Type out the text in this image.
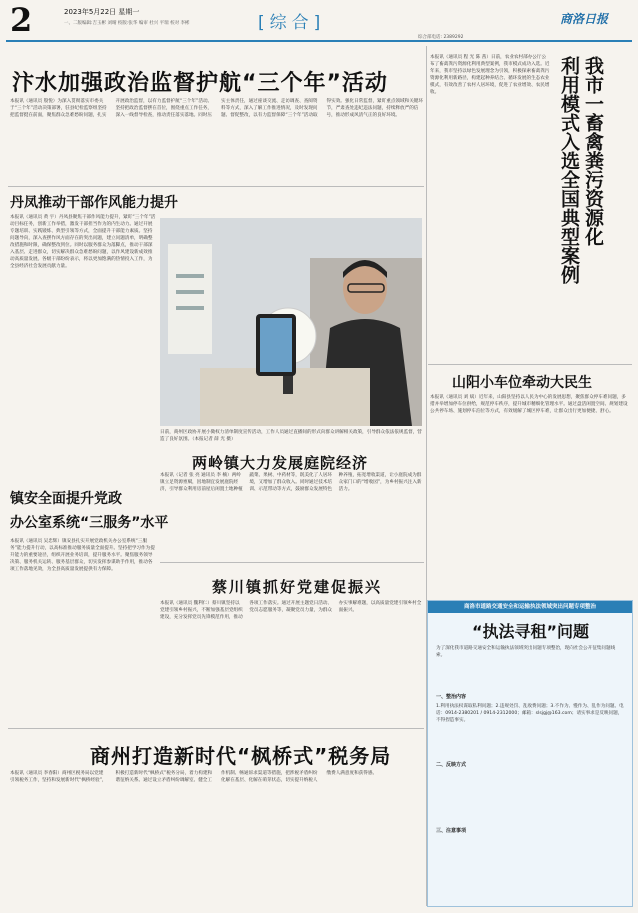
2	2023年5月22日 星期一
一、二版编辑:吉玉彬 刘晴 校版:张华 编审 杜兴 平瑞 校对 李彬	[综合]	商洛日报
综合部电话: 2389292
汴水加强政治监督护航“三个年”活动
本报讯（通讯员 殷悦）为深入贯彻落实市委关于“三个年”活动决策部署，驻县纪检监察组坚持把监督挺在前面，聚焦群众急难愁盼问题，扎实开展政治监督，以有力监督护航“三个年”活动。坚持把政治监督摆在首位，围绕重点工作任务，深入一线督导检查，推动责任落实落地。同时压实主体责任，通过座谈交流、走访调查、查阅资料等方式，深入了解工作推进情况，及时发现问题、督促整改，以有力监督保障“三个年”活动取得实效。强化日常监督，紧盯重点领域和关键环节，严肃查处违纪违法问题，持续释放严的信号，推动形成风清气正的良好环境。
丹凤推动干部作风能力提升
本报讯（通讯员 黄 宇）丹凤县聚焦干部作风能力提升，紧盯“三个年”活动目标任务，创新工作举措，激发干部担当作为的内生动力。通过开展专题培训、实践锻炼、典型引领等方式，全面提升干部能力素质。坚持问题导向，深入查摆作风方面存在的突出问题，建立问题清单，明确整改措施和时限，确保整改到位。同时以服务群众为落脚点，推动干部深入基层、走进群众，切实解决群众急难愁盼问题，以作风建设新成效推动高质量发展。各级干部纷纷表示，将以更加饱满的热情投入工作，为全县经济社会发展贡献力量。
日前，商州区政协开展小微权力清单制度宣传活动，工作人员通过直播间的形式向群众讲解相关政策，引导群众依法依规监督，营造了良好氛围。（本报记者 薛 光 摄）
两岭镇大力发展庭院经济
本报讯（记者 张 亮 通讯员 李 楠）两岭镇立足资源禀赋，因地制宜发展庭院经济，引导群众利用房前屋后闲置土地种植蔬菜、果树、中药材等，既美化了人居环境，又增加了群众收入。同时通过技术培训、示范带动等方式，鼓励群众发展特色种养殖，拓宽增收渠道，让小庭院成为群众家门口的“增收园”，为乡村振兴注入新活力。
镇安全面提升党政
办公室系统“三服务”水平
本报讯（通讯员 吴忠辉）镇安县扎实开展党政机关办公室系统“三服务”能力提升行动，以高标准推动服务质量全面提升。坚持把学习作为提升能力的重要途径，组织开展业务培训，提升服务水平。聚焦服务领导决策、服务机关运转、服务基层群众，切实发挥参谋助手作用，推动各项工作落地见效，为全县高质量发展提供有力保障。
蔡川镇抓好党建促振兴
本报讯（通讯员 魏利仁）蔡川镇坚持以党建引领乡村振兴，不断加强基层党组织建设，充分发挥党员先锋模范作用，推动各项工作落实。通过开展主题党日活动、党员志愿服务等，凝聚党员力量，为群众办实事解难题，以高质量党建引领乡村全面振兴。
商州打造新时代“枫桥式”税务局
本报讯（通讯员 李春阳）商州区税务局以党建引领税务工作，坚持和发展新时代“枫桥经验”，积极打造新时代“枫桥式”税务分局，着力构建和谐征纳关系。通过设立矛盾纠纷调解室、健全工作机制、畅通诉求渠道等措施，把涉税矛盾纠纷化解在基层、化解在萌芽状态，切实提升纳税人缴费人满意度和获得感。
我市一畜禽粪污资源化
利用模式入选全国典型案例
本报讯（通讯员 程 光 陈 茜）日前，农业农村部办公厅公布了畜禽粪污资源化利用典型案例，我市模式成功入选。近年来，我市坚持以绿色发展理念为引领，积极探索畜禽粪污资源化利用新路径，构建起种养结合、循环发展的生态农业模式，有效改善了农村人居环境，促进了农业增效、农民增收。
山阳小车位牵动大民生
本报讯（通讯员 刘 斌）近年来，山阳县坚持以人民为中心的发展思想，聚焦群众停车难问题，多措并举增加停车位供给，规范停车秩序，提升城市精细化管理水平。通过盘活闲置空间、规划建设公共停车场、施划停车泊位等方式，有效缓解了城区停车难，让群众出行更加便捷、舒心。
商洛市道路交通安全和运输执法领域突出问题专项整治
“执法寻租”问题
为了深化我市道路交通安全和运输执法领域突出问题专项整治，现向社会公开征集问题线索。
一、整治内容
二、反映方式
三、注意事项
1.利用执法权谋取私利问题；2.违规处罚、乱收费问题；3.不作为、慢作为、乱作为问题。电话：0914-2380201 / 0914-2312000；邮箱：slsjgj@163.com；请实事求是反映问题，不得捏造事实。
